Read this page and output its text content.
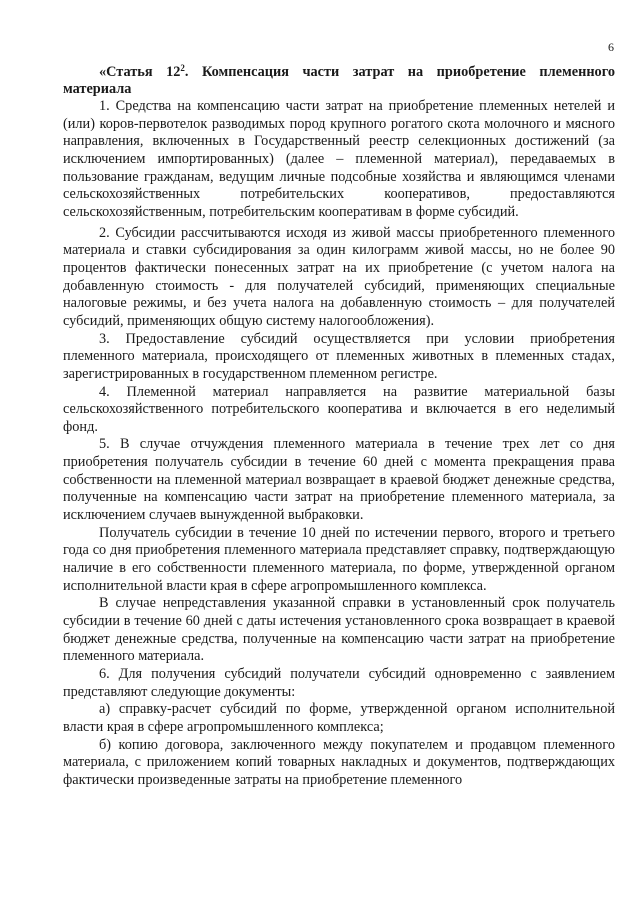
6
«Статья $12^2$. Компенсация части затрат на приобретение племенного материала

1. Средства на компенсацию части затрат на приобретение племенных нетелей и (или) коров-первотелок разводимых пород крупного рогатого скота молочного и мясного направления, включенных в Государственный реестр селекционных достижений (за исключением импортированных) (далее – племенной материал), передаваемых в пользование гражданам, ведущим личные подсобные хозяйства и являющимся членами сельскохозяйственных потребительских кооперативов, предоставляются сельскохозяйственным, потребительским кооперативам в форме субсидий.

2. Субсидии рассчитываются исходя из живой массы приобретенного племенного материала и ставки субсидирования за один килограмм живой массы, но не более 90 процентов фактически понесенных затрат на их приобретение (с учетом налога на добавленную стоимость - для получателей субсидий, применяющих специальные налоговые режимы, и без учета налога на добавленную стоимость – для получателей субсидий, применяющих общую систему налогообложения).

3. Предоставление субсидий осуществляется при условии приобретения племенного материала, происходящего от племенных животных в племенных стадах, зарегистрированных в государственном племенном регистре.

4. Племенной материал направляется на развитие материальной базы сельскохозяйственного потребительского кооператива и включается в его неделимый фонд.

5. В случае отчуждения племенного материала в течение трех лет со дня приобретения получатель субсидии в течение 60 дней с момента прекращения права собственности на племенной материал возвращает в краевой бюджет денежные средства, полученные на компенсацию части затрат на приобретение племенного материала, за исключением случаев вынужденной выбраковки.

Получатель субсидии в течение 10 дней по истечении первого, второго и третьего года со дня приобретения племенного материала представляет справку, подтверждающую наличие в его собственности племенного материала, по форме, утвержденной органом исполнительной власти края в сфере агропромышленного комплекса.

В случае непредставления указанной справки в установленный срок получатель субсидии в течение 60 дней с даты истечения установленного срока возвращает в краевой бюджет денежные средства, полученные на компенсацию части затрат на приобретение племенного материала.

6. Для получения субсидий получатели субсидий одновременно с заявлением представляют следующие документы:

а) справку-расчет субсидий по форме, утвержденной органом исполнительной власти края в сфере агропромышленного комплекса;

б) копию договора, заключенного между покупателем и продавцом племенного материала, с приложением копий товарных накладных и документов, подтверждающих фактически произведенные затраты на приобретение племенного
